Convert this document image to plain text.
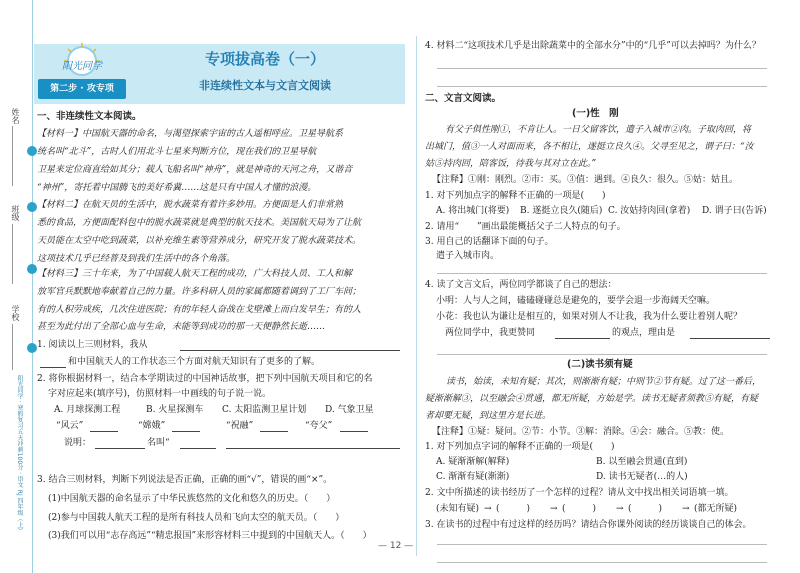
姓名
班级
学校
阳光同学 · 寒假复习五天冲刺100分 · 语文 RJ 四年级（上）
阳光同学
第二步 · 攻专项
专项拔高卷（一）
非连续性文本与文言文阅读
一、非连续性文本阅读。
【材料一】中国航天器的命名，与渴望探索宇宙的古人遥相呼应。卫星导航系
统名叫“北斗”，古时人们用北斗七星来判断方位，现在我们的卫星导航
卫星来定位商直给如其分；载人飞船名叫“神舟”，就是神奇的天河之舟，又谐音
“神州”，寄托着中国腾飞的美好希冀……这是只有中国人才懂的浪漫。
【材料二】在航天员的生活中，脱水蔬菜有着许多妙用。方便面是人们非常熟
悉的食品，方便面配料包中的脱水蔬菜就是典型的航天技术。美国航天局为了让航
天员能在太空中吃到蔬菜，以补充维生素等营养成分，研究开发了脱水蔬菜技术。
这项技术几乎已经普及到我们生活中的各个角落。
【材料三】三十年来，为了中国载人航天工程的成功，广大科技人员、工人和解
放军官兵默默地奉献着自己的力量。许多科研人员的家属都随着调到了工厂车间；
有的人积劳成疾，几次住进医院；有的年轻人奋战在戈壁滩上而白发早生；有的人
甚至为此付出了全部心血与生命，未能等到成功的那一天便静然长逝……
1. 阅读以上三则材料，我从
和中国航天人的工作状态三个方面对航天知识有了更多的了解。
2. 将你根据材料一，结合本学期读过的中国神话故事，把下列中国航天项目和它的名
字对应起来(填序号)，仿照材料一中画线的句子说一说。
A. 月球探测工程	B. 火星探测车 C. 太阳监测卫星计划 D. 气象卫星
“风云”	“嫦娥”	“祝融”	“夸父”
说明：	名叫“
3. 结合三则材料，判断下列说法是否正确，正确的画“√”，错误的画“×”。
(1)中国航天器的命名显示了中华民族悠然的文化和悠久的历史。（　　）
(2)参与中国载人航天工程的是所有科技人员和飞向太空的航天员。（　　）
(3)我们可以用“志存高远”“精忠报国”来形容材料三中提到的中国航天人。（　　）
4. 材料二“这项技术几乎是出除蔬菜中的全部水分”中的“几乎”可以去掉吗？为什么？
二、文言文阅读。
(一)性　刚
有父子俱性刚①，不肯让人。一日父留客饮，遣子入城市②肉。子取肉回，将
出城门，值③一人对面而来，各不相让，遂挺立良久④。父寻至见之，谓子曰：“汝
姑⑤持肉回，陪客饭，待我与其对立在此。”
【注释】①刚：刚烈。②市：买。③值：遇到。④良久：很久。⑤姑：姑且。
1. 对下列加点字的解释不正确的一项是(　　)
A. 将出城门(将要) B. 遂挺立良久(随后) C. 汝姑持肉回(拿着) D. 谓子曰(告诉)
2. 请用“　　”画出最能概括父子二人特点的句子。
3. 用自己的话翻译下面的句子。
遣子入城市肉。
4. 读了文言文后，两位同学都谈了自己的想法：
小明：人与人之间，磕磕碰碰总是避免的，要学会退一步海阔天空嘛。
小花：我也认为谦让是相互的，如果对别人不让我，我为什么要让着别人呢？
　两位同学中，我更赞同	的观点，理由是
(二)读书须有疑
读书，始读，未知有疑；其次，则渐渐有疑；中则节②节有疑。过了这一番后，
疑渐渐解③，以至融会④贯通，都无所疑，方始是学。读书无疑者须教⑤有疑，有疑
者却要无疑，到这里方是长进。
【注释】①疑：疑问。②节：小节。③解：消除。④会：融合。⑤教：使。
1. 对下列加点字词的解释不正确的一项是(　　)
A. 疑渐渐解(解释)	B. 以至融会贯通(直到)
C. 渐渐有疑(渐渐)	D. 读书无疑者(…的人)
2. 文中所描述的读书经历了一个怎样的过程？请从文中找出相关词语填一填。
(未知有疑) → (　　　) → (　　　) → (　　　) → (都无所疑)
3. 在读书的过程中有过这样的经历吗？请结合你课外阅读的经历谈谈自己的体会。
— 12 —
